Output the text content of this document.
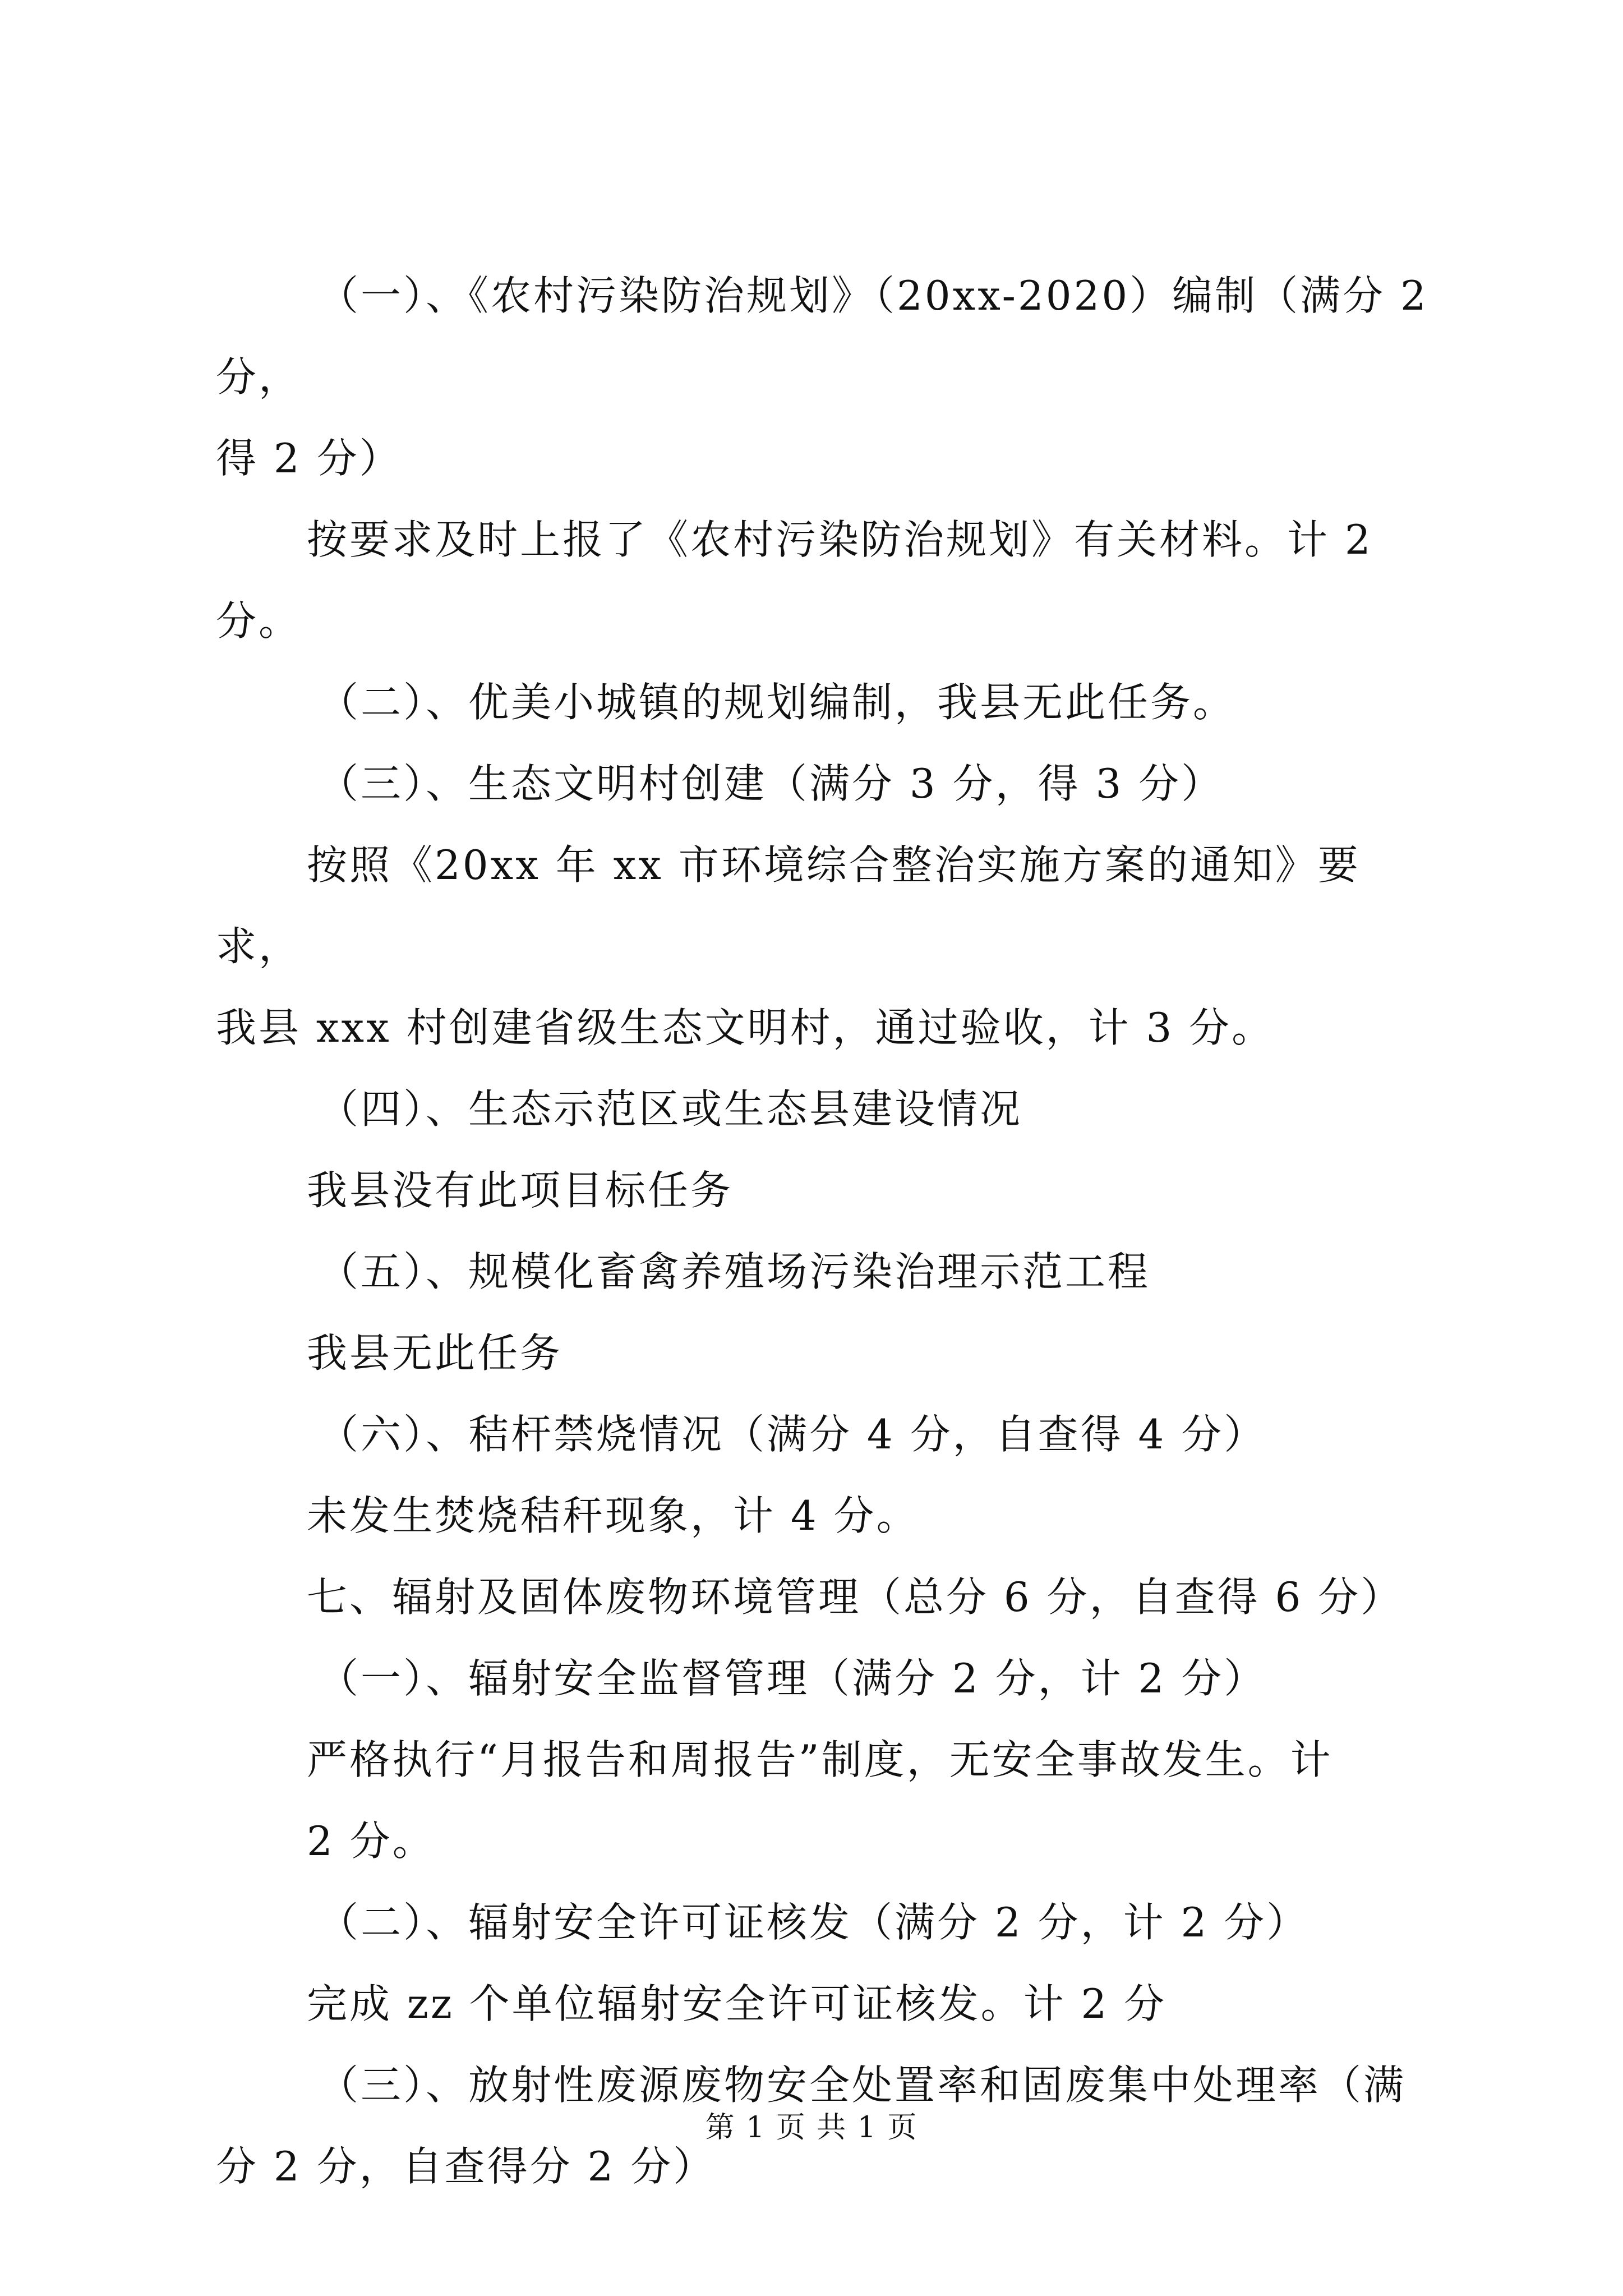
（一）、《农村污染防治规划》（20xx-2020）编制（满分 2 分，

得 2 分）

按要求及时上报了《农村污染防治规划》有关材料。计 2 分。

（二）、优美小城镇的规划编制，我县无此任务。

（三）、生态文明村创建（满分 3 分，得 3 分）

按照《20xx 年 xx 市环境综合整治实施方案的通知》要求，

我县 xxx 村创建省级生态文明村，通过验收，计 3 分。

（四）、生态示范区或生态县建设情况

我县没有此项目标任务

（五）、规模化畜禽养殖场污染治理示范工程

我县无此任务

（六）、秸杆禁烧情况（满分 4 分，自查得 4 分）

未发生焚烧秸秆现象，计 4 分。

七、辐射及固体废物环境管理（总分 6 分，自查得 6 分）

（一）、辐射安全监督管理（满分 2 分，计 2 分）

严格执行“月报告和周报告”制度，无安全事故发生。计

2 分。

（二）、辐射安全许可证核发（满分 2 分，计 2 分）

完成 zz 个单位辐射安全许可证核发。计 2 分

（三）、放射性废源废物安全处置率和固废集中处理率（满

分 2 分，自查得分 2 分）

第 1 页 共 1 页
